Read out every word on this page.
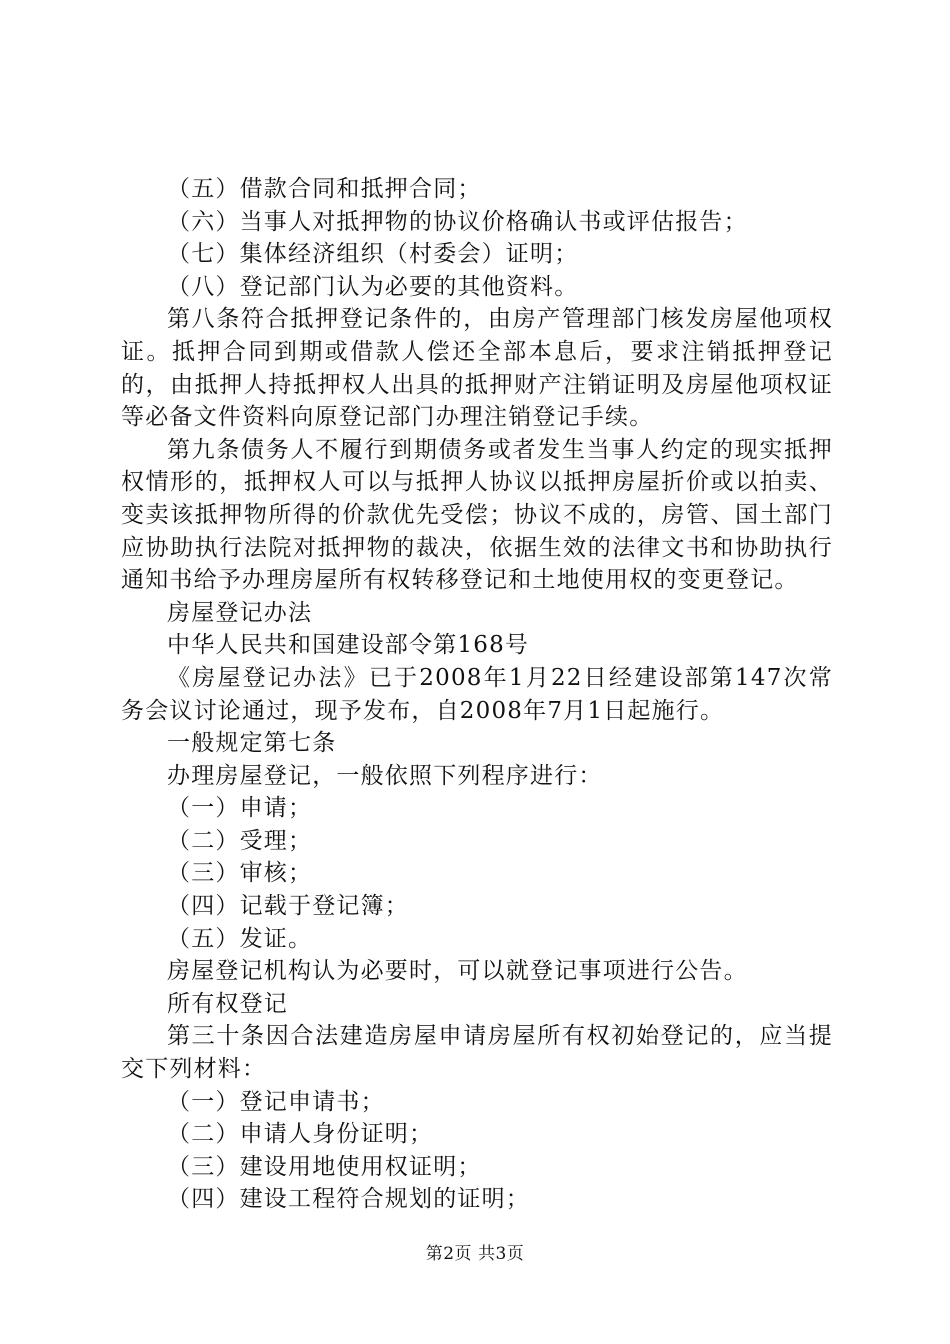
（五）借款合同和抵押合同；

（六）当事人对抵押物的协议价格确认书或评估报告；

（七）集体经济组织（村委会）证明；

（八）登记部门认为必要的其他资料。

第八条符合抵押登记条件的，由房产管理部门核发房屋他项权证。抵押合同到期或借款人偿还全部本息后，要求注销抵押登记的，由抵押人持抵押权人出具的抵押财产注销证明及房屋他项权证等必备文件资料向原登记部门办理注销登记手续。

第九条债务人不履行到期债务或者发生当事人约定的现实抵押权情形的，抵押权人可以与抵押人协议以抵押房屋折价或以拍卖、变卖该抵押物所得的价款优先受偿；协议不成的，房管、国土部门应协助执行法院对抵押物的裁决，依据生效的法律文书和协助执行通知书给予办理房屋所有权转移登记和土地使用权的变更登记。

房屋登记办法

中华人民共和国建设部令第168号

《房屋登记办法》已于2008年1月22日经建设部第147次常务会议讨论通过，现予发布，自2008年7月1日起施行。

一般规定第七条

办理房屋登记，一般依照下列程序进行：

（一）申请；

（二）受理；

（三）审核；

（四）记载于登记簿；

（五）发证。

房屋登记机构认为必要时，可以就登记事项进行公告。

所有权登记

第三十条因合法建造房屋申请房屋所有权初始登记的，应当提交下列材料：

（一）登记申请书；

（二）申请人身份证明；

（三）建设用地使用权证明；

（四）建设工程符合规划的证明；

第2页 共3页
